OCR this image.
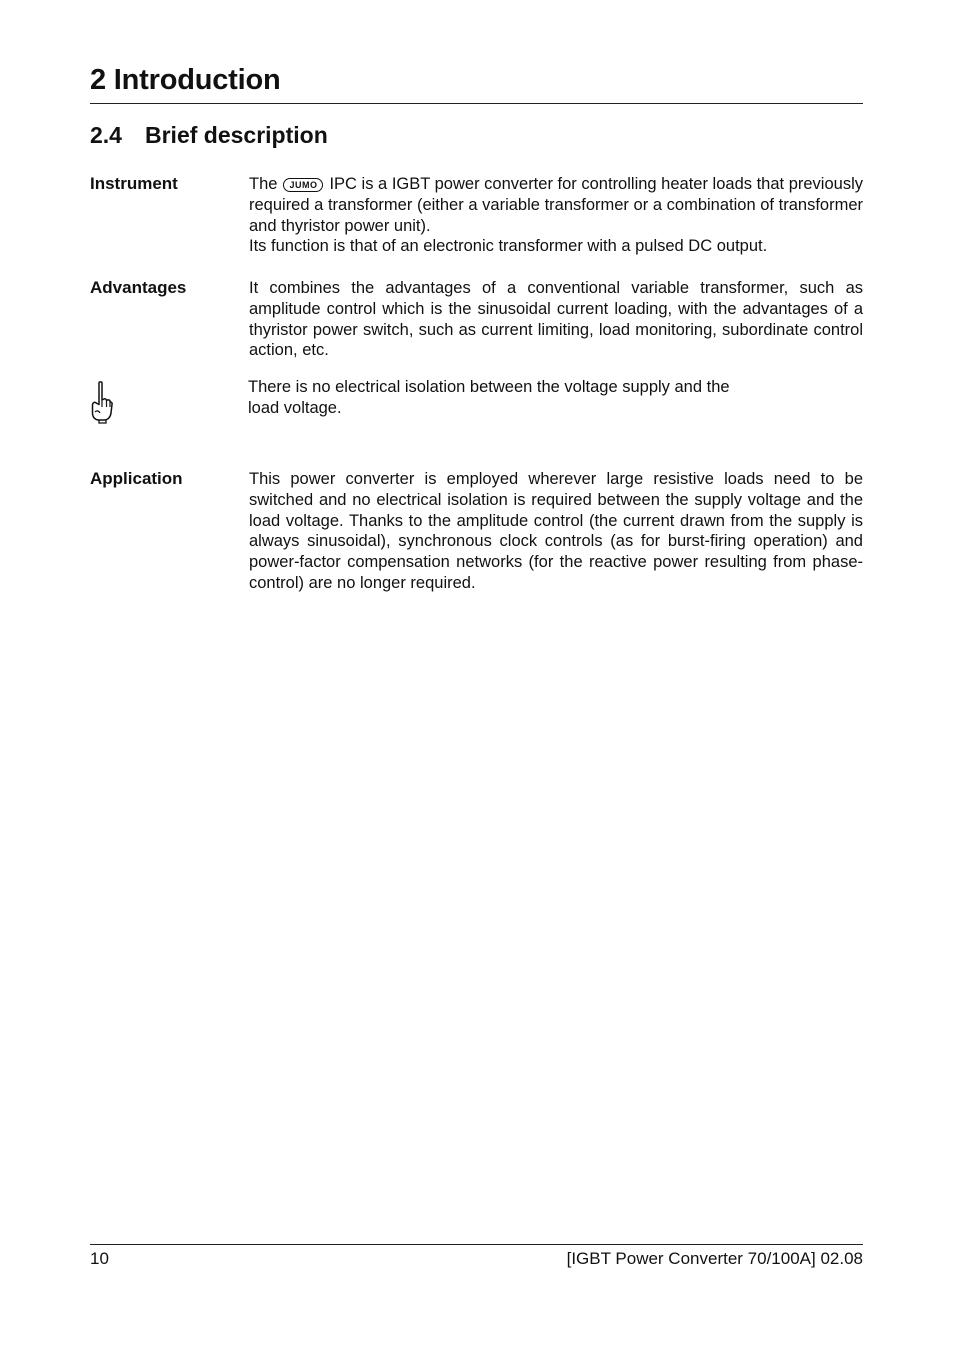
2 Introduction
2.4 Brief description
Instrument	The JUMO IPC is a IGBT power converter for controlling heater loads that previously required a transformer (either a variable transformer or a combination of transformer and thyristor power unit).

Its function is that of an electronic transformer with a pulsed DC output.

Advantages	It combines the advantages of a conventional variable transformer, such as amplitude control which is the sinusoidal current loading, with the advantages of a thyristor power switch, such as current limiting, load monitoring, subordinate control action, etc.

There is no electrical isolation between the voltage supply and the

load voltage.

Application	This power converter is employed wherever large resistive loads need to be switched and no electrical isolation is required between the supply voltage and the load voltage. Thanks to the amplitude control (the current drawn from the supply is always sinusoidal), synchronous clock controls (as for burst-firing operation) and power-factor compensation networks (for the reactive power resulting from phase-control) are no longer required.

10	[IGBT Power Converter 70/100A] 02.08
